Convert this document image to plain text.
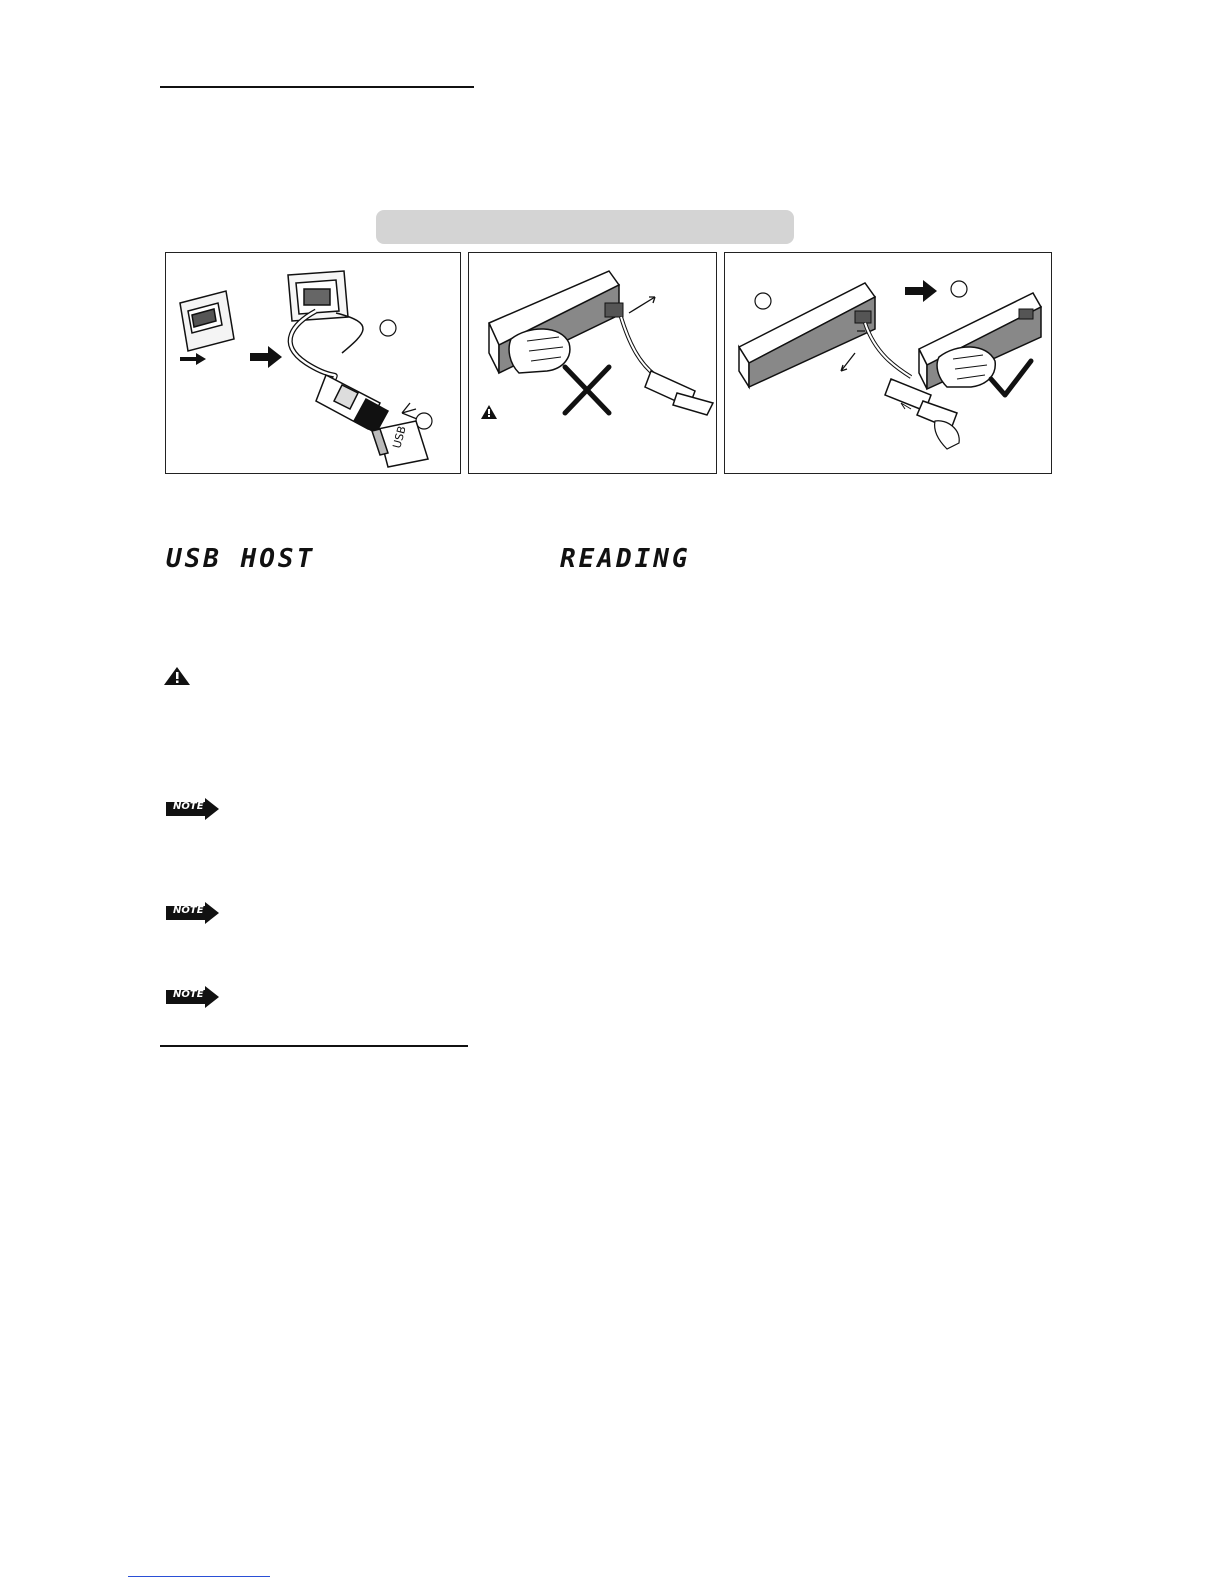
USB
USB HOST	READING
NOTE
NOTE
NOTE
